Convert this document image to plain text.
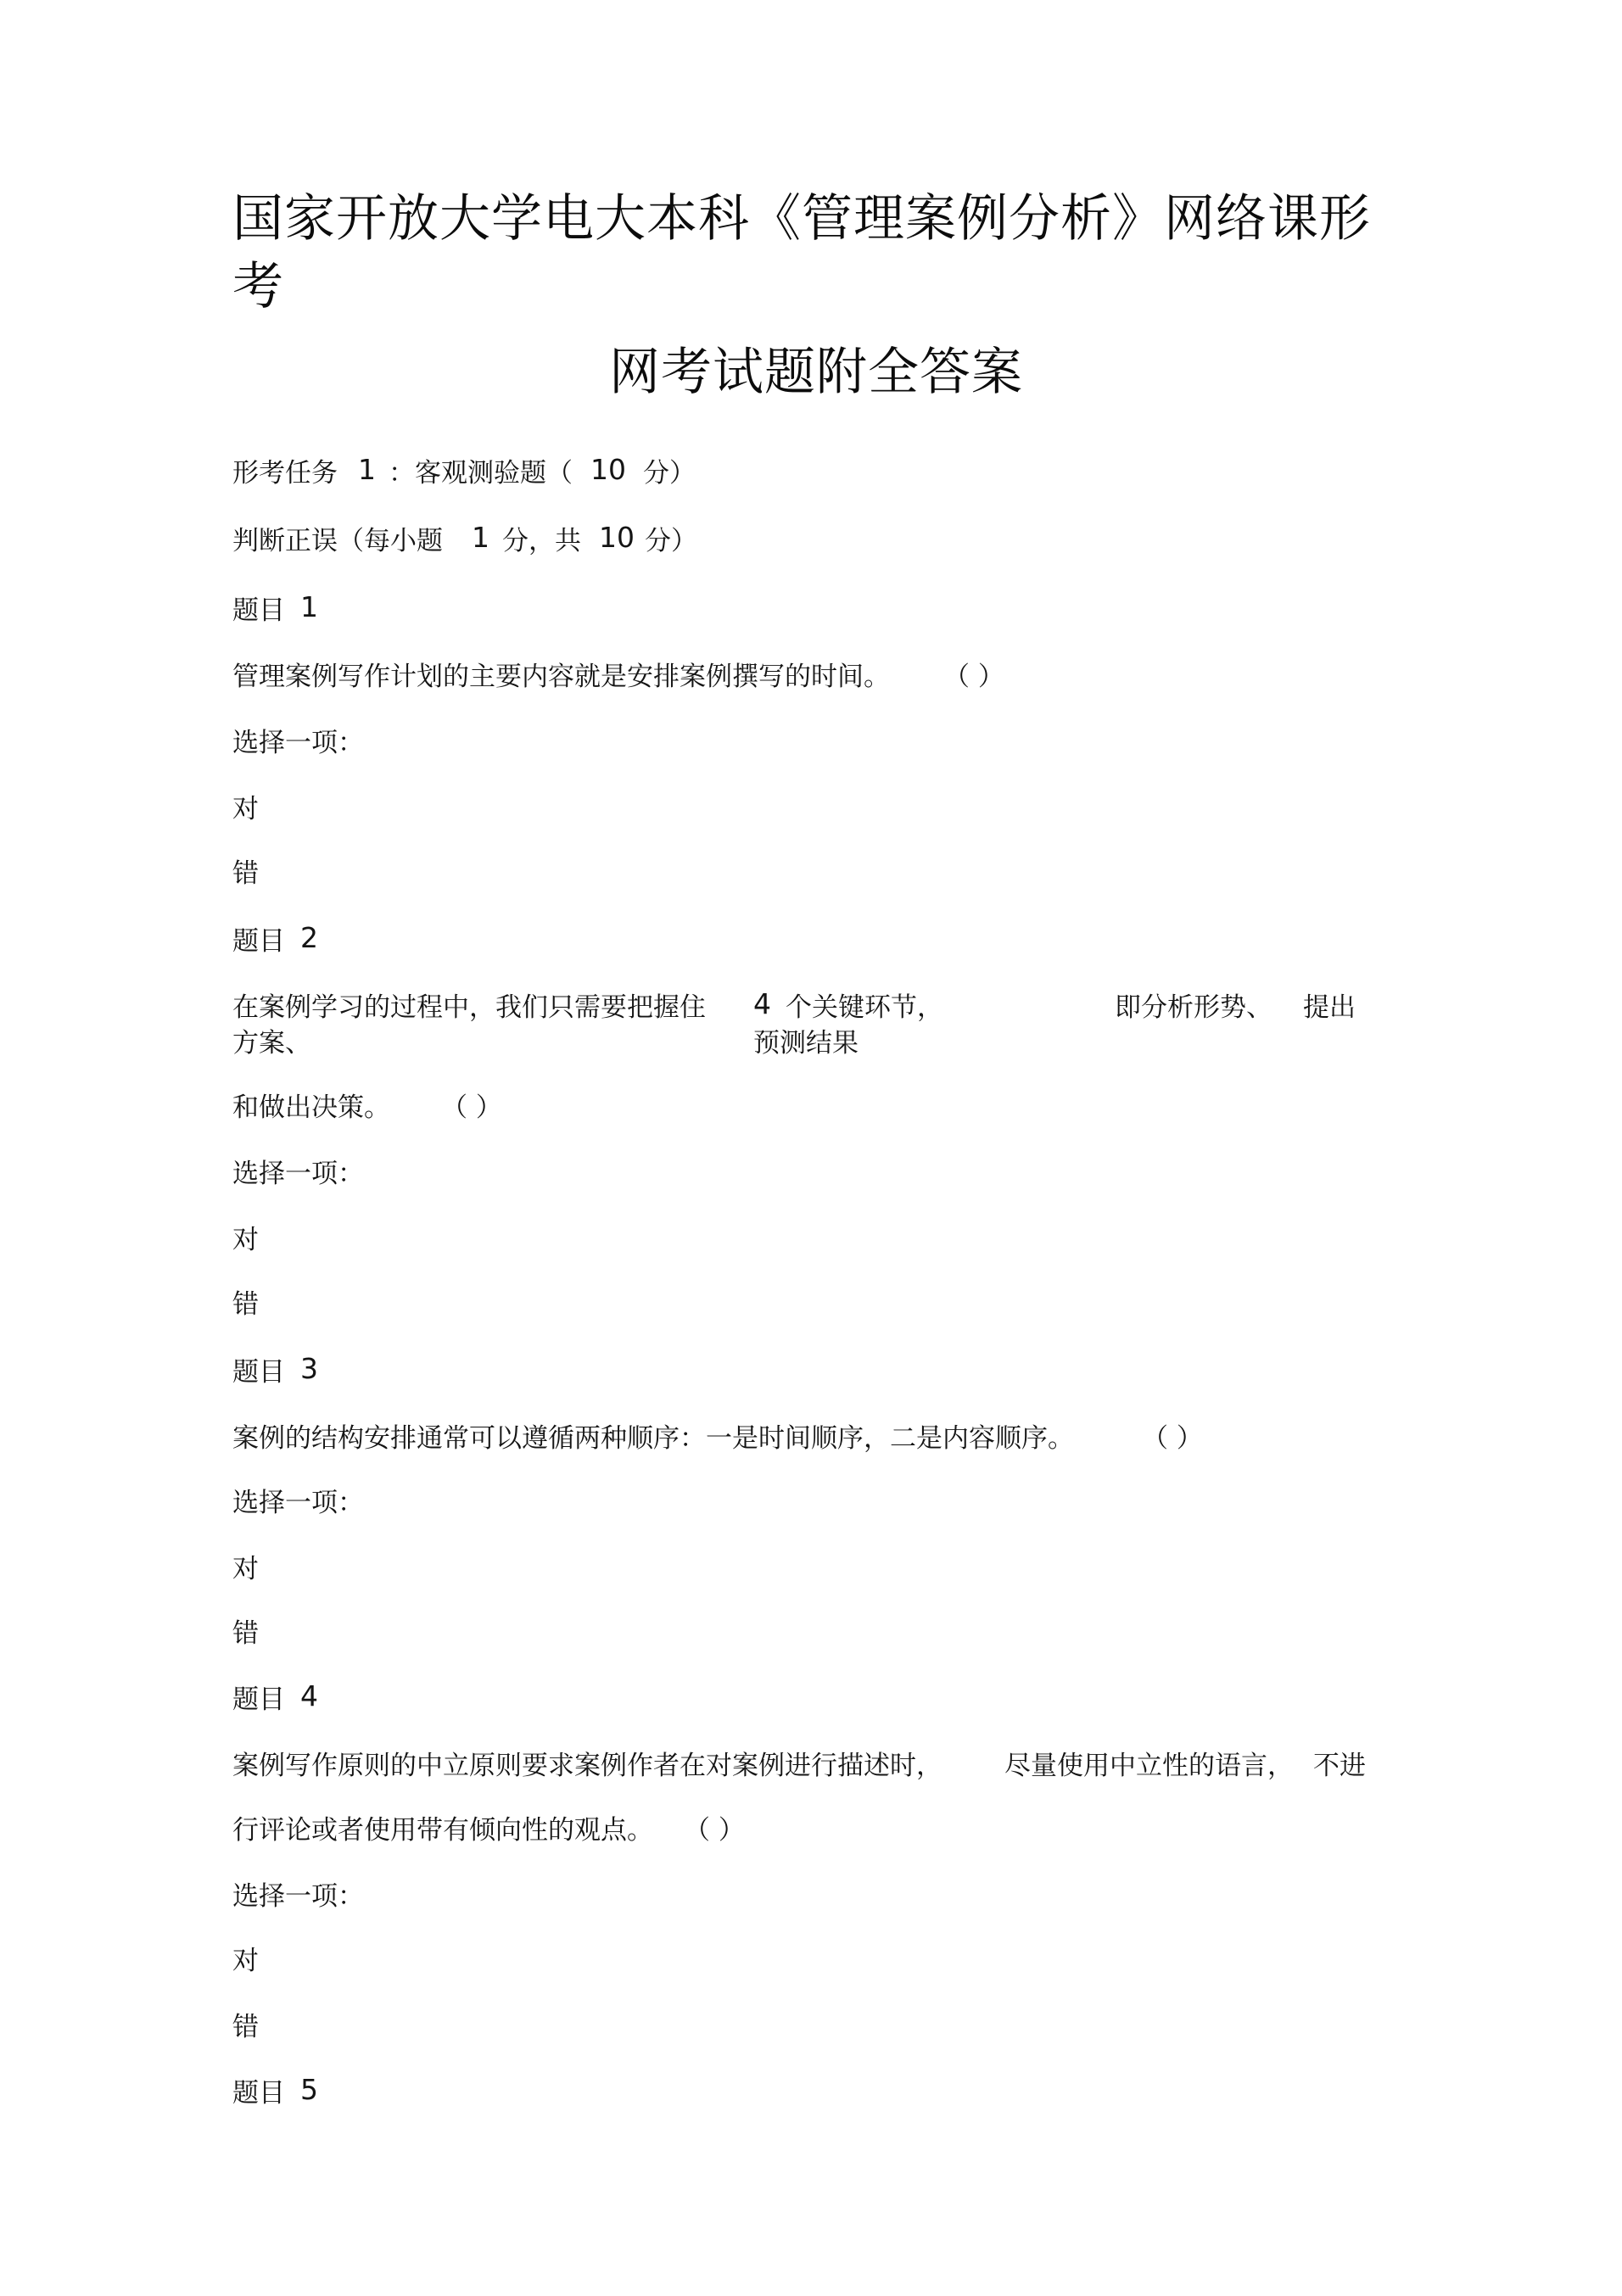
国家开放大学电大本科《管理案例分析》网络课形
考
网考试题附全答案
形考任务 1 ：客观测验题（ 10 分）
判断正误（每小题 1 分，共 10 分）
题目 1
管理案例写作计划的主要内容就是安排案例撰写的时间。 （ ）
选择一项：
对
错
题目 2
在案例学习的过程中，我们只需要把握住
方案、
4 个关键环节，
预测结果
即分析形势、 提出
和做出决策。 （ ）
选择一项：
对
错
题目 3
案例的结构安排通常可以遵循两种顺序：一是时间顺序，二是内容顺序。	（ ）
选择一项：
对
错
题目 4
案例写作原则的中立原则要求案例作者在对案例进行描述时， 尽量使用中立性的语言， 不进
行评论或者使用带有倾向性的观点。 （ ）
选择一项：
对
错
题目 5
